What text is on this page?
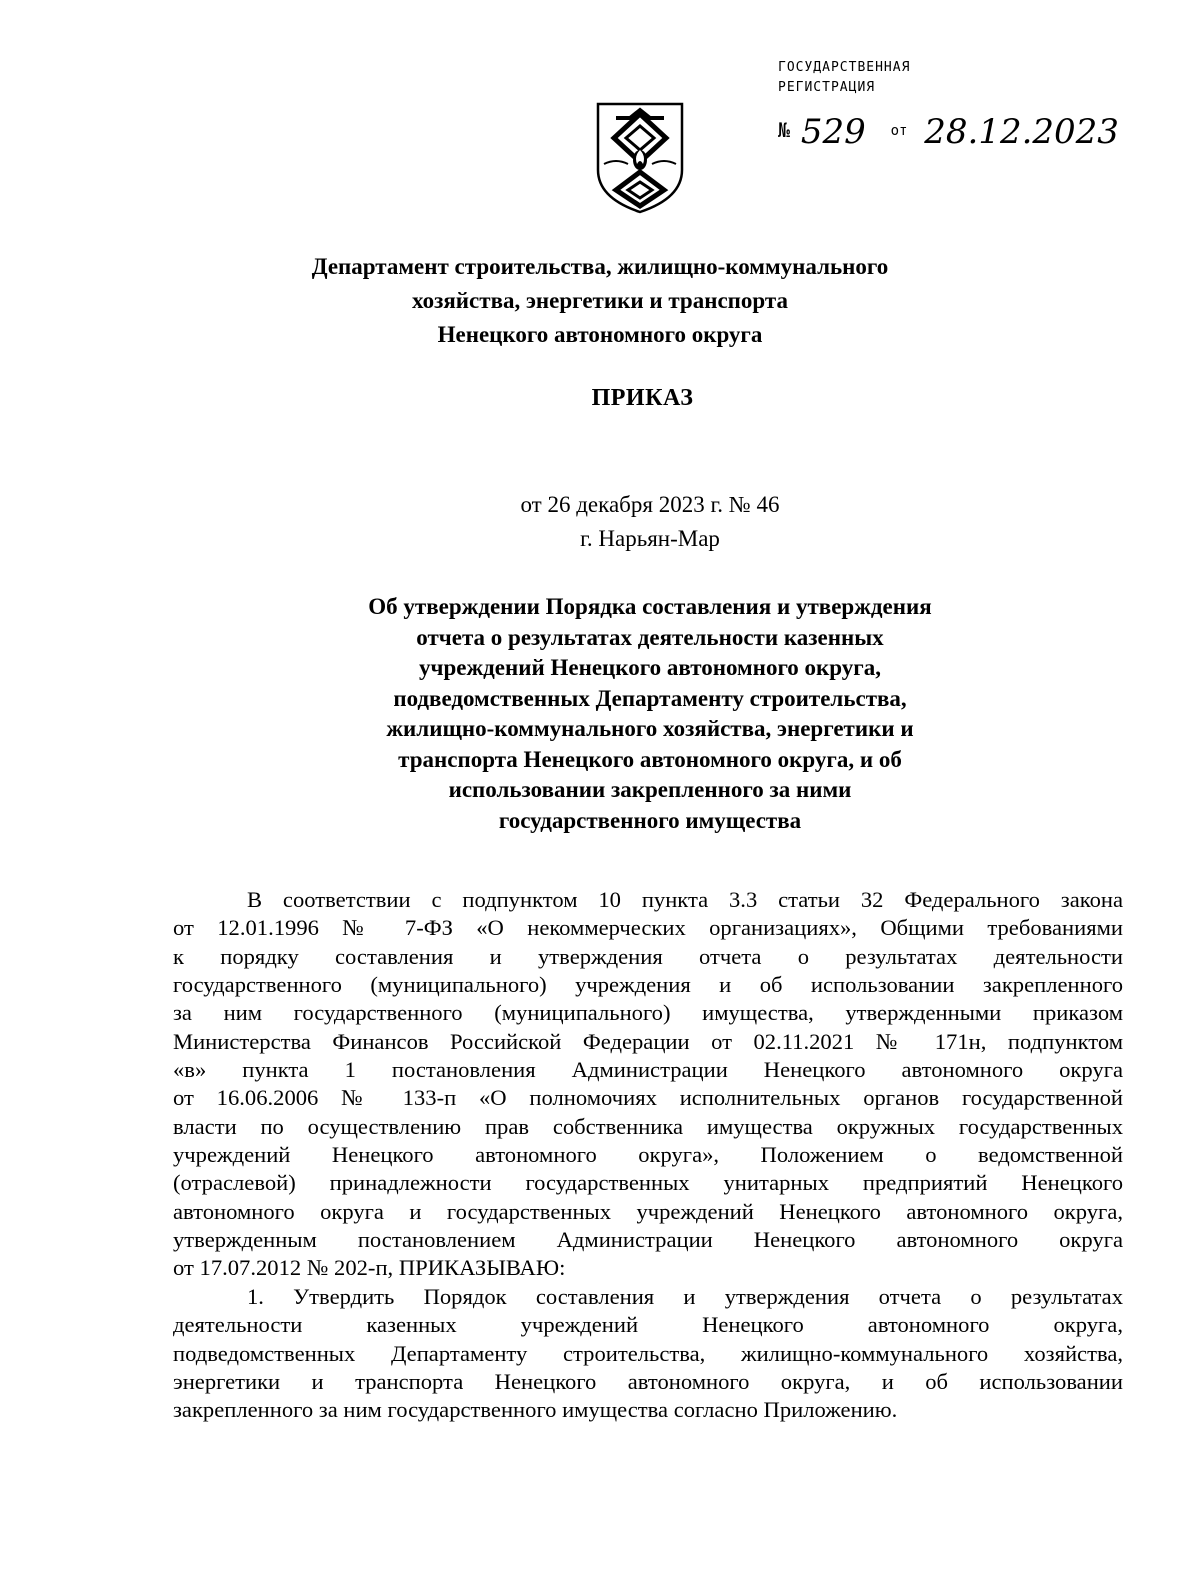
ГОСУДАРСТВЕННАЯ
РЕГИСТРАЦИЯ
№ 529 $^{от}$ 28.12.2023
Департамент строительства, жилищно-коммунального
хозяйства, энергетики и транспорта
Ненецкого автономного округа
ПРИКАЗ
от 26 декабря 2023 г. № 46
г. Нарьян-Мар
Об утверждении Порядка составления и утверждения
отчета о результатах деятельности казенных
учреждений Ненецкого автономного округа,
подведомственных Департаменту строительства,
жилищно-коммунального хозяйства, энергетики и
транспорта Ненецкого автономного округа, и об
использовании закрепленного за ними
государственного имущества
В соответствии с подпунктом 10 пункта 3.3 статьи 32 Федерального закона
от 12.01.1996 № 7-ФЗ «О некоммерческих организациях», Общими требованиями
к порядку составления и утверждения отчета о результатах деятельности
государственного (муниципального) учреждения и об использовании закрепленного
за ним государственного (муниципального) имущества, утвержденными приказом
Министерства Финансов Российской Федерации от 02.11.2021 № 171н, подпунктом
«в» пункта 1 постановления Администрации Ненецкого автономного округа
от 16.06.2006 № 133-п «О полномочиях исполнительных органов государственной
власти по осуществлению прав собственника имущества окружных государственных
учреждений Ненецкого автономного округа», Положением о ведомственной
(отраслевой) принадлежности государственных унитарных предприятий Ненецкого
автономного округа и государственных учреждений Ненецкого автономного округа,
утвержденным постановлением Администрации Ненецкого автономного округа
от 17.07.2012 № 202-п, ПРИКАЗЫВАЮ:
1. Утвердить Порядок составления и утверждения отчета о результатах
деятельности казенных учреждений Ненецкого автономного округа,
подведомственных Департаменту строительства, жилищно-коммунального хозяйства,
энергетики и транспорта Ненецкого автономного округа, и об использовании
закрепленного за ним государственного имущества согласно Приложению.
